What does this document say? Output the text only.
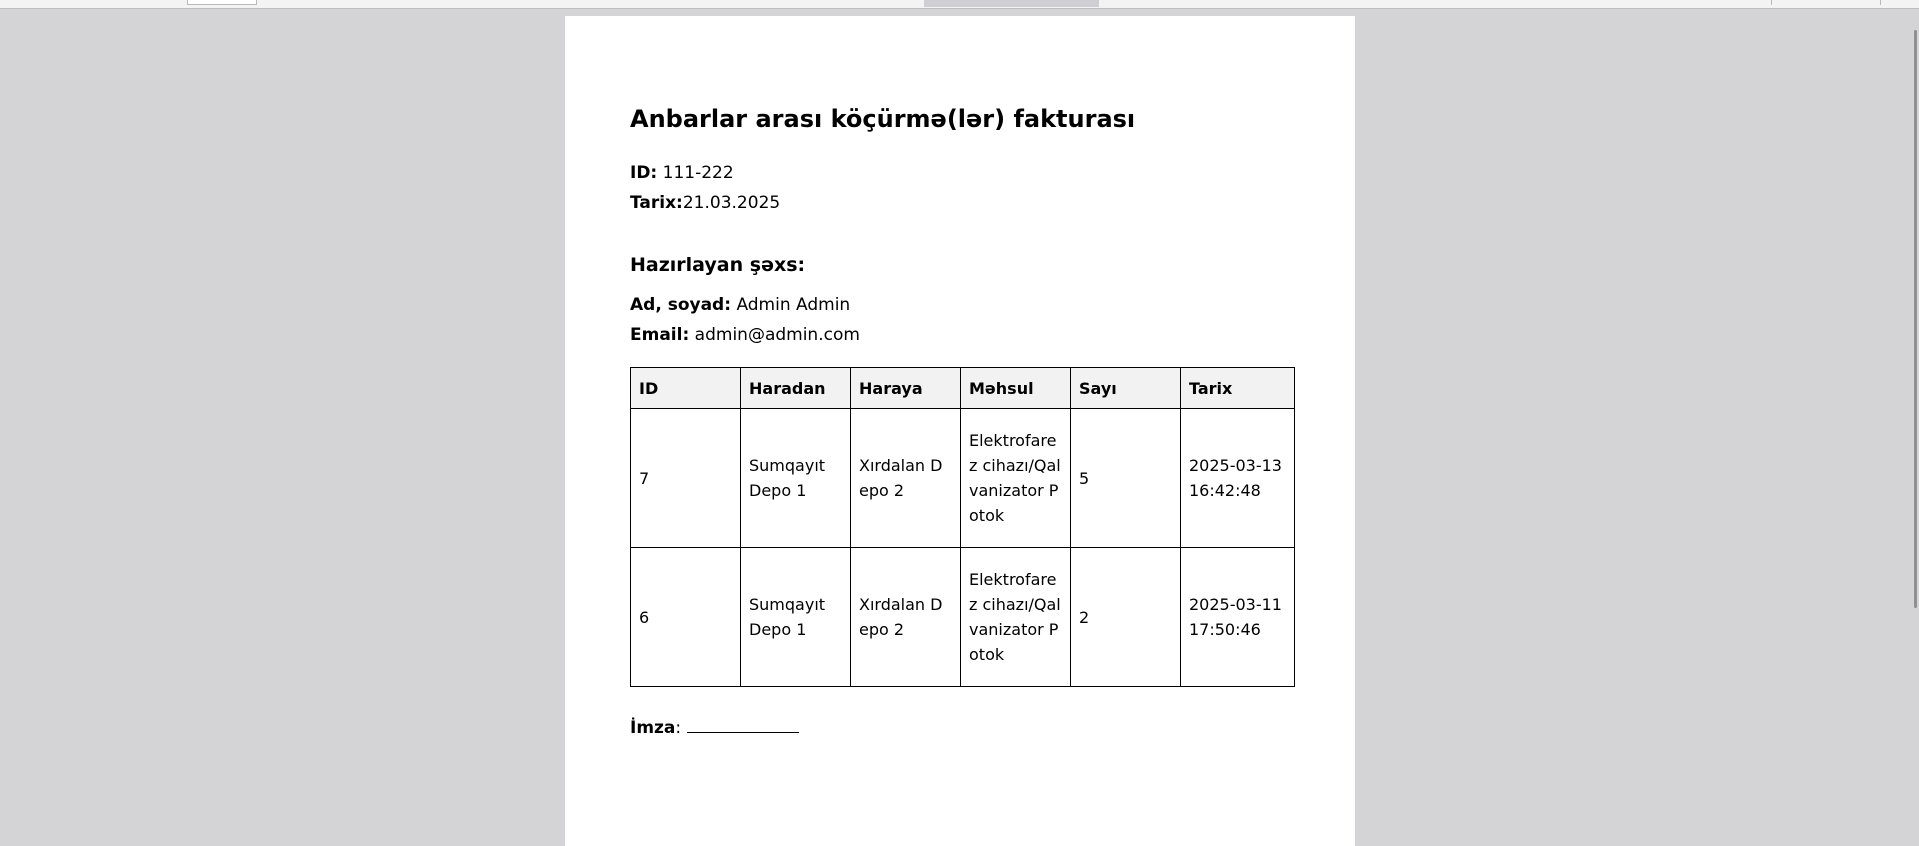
Anbarlar arası köçürmə(lər) fakturası

ID: 111-222

Tarix:21.03.2025

Hazırlayan şəxs:

Ad, soyad: Admin Admin

Email: admin@admin.com

ID	Haradan	Haraya	Məhsul	Sayı	Tarix
7	Sumqayıt Depo 1	Xırdalan Depo 2	Elektrofarez cihazı/Qalvanizator Potok	5	2025-03-13 16:42:48
6	Sumqayıt Depo 1	Xırdalan Depo 2	Elektrofarez cihazı/Qalvanizator Potok	2	2025-03-11 17:50:46
İmza:
